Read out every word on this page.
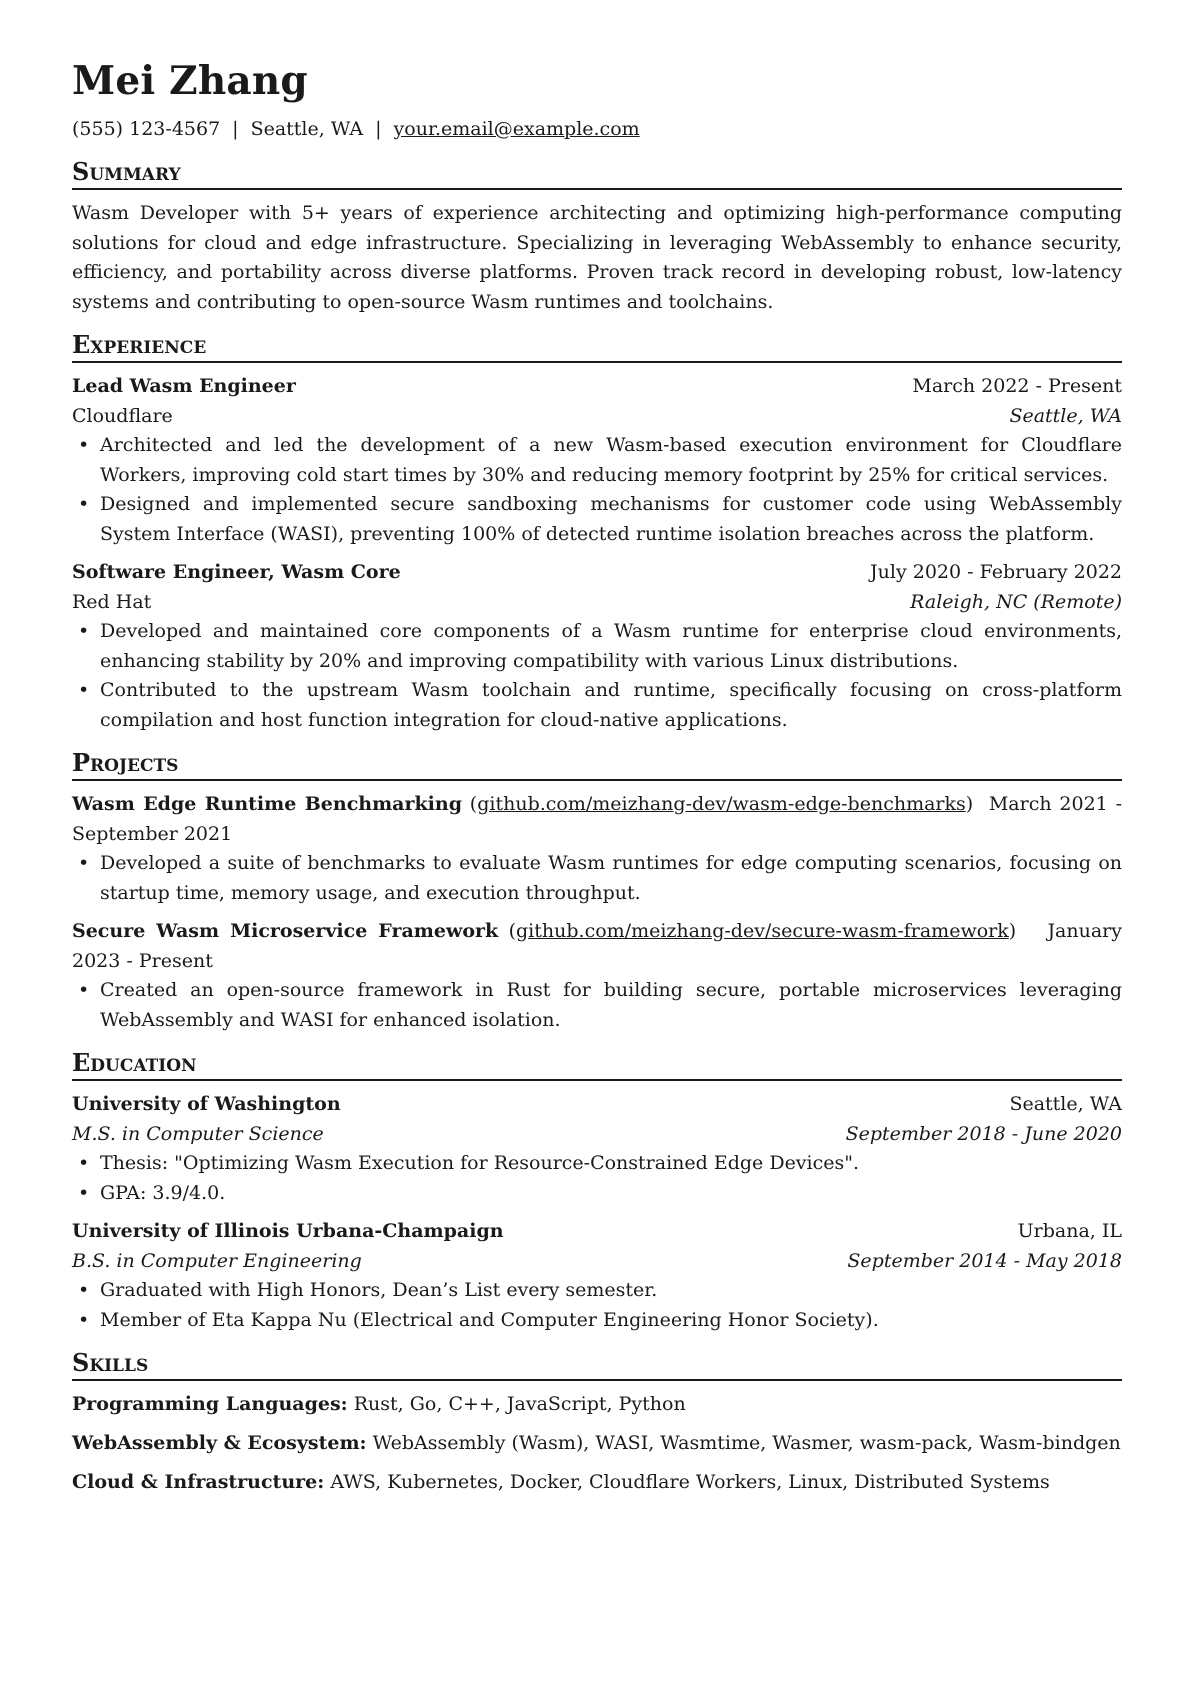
Mei Zhang
(555) 123-4567 | Seattle, WA | your.email@example.com
Summary
Wasm Developer with 5+ years of experience architecting and optimizing high-performance computing solutions for cloud and edge infrastructure. Specializing in leveraging WebAssembly to enhance security, efficiency, and portability across diverse platforms. Proven track record in developing robust, low-latency systems and contributing to open-source Wasm runtimes and toolchains.
Experience
Lead Wasm Engineer	March 2022 - Present
Cloudflare	Seattle, WA
• Architected and led the development of a new Wasm-based execution environment for Cloudflare Workers, improving cold start times by 30% and reducing memory footprint by 25% for critical services.
• Designed and implemented secure sandboxing mechanisms for customer code using WebAssembly System Interface (WASI), preventing 100% of detected runtime isolation breaches across the platform.
Software Engineer, Wasm Core	July 2020 - February 2022
Red Hat	Raleigh, NC (Remote)
• Developed and maintained core components of a Wasm runtime for enterprise cloud environments, enhancing stability by 20% and improving compatibility with various Linux distributions.
• Contributed to the upstream Wasm toolchain and runtime, specifically focusing on cross-platform compilation and host function integration for cloud-native applications.
Projects
Wasm Edge Runtime Benchmarking (github.com/meizhang-dev/wasm-edge-benchmarks)  March 2021 - September 2021
• Developed a suite of benchmarks to evaluate Wasm runtimes for edge computing scenarios, focusing on startup time, memory usage, and execution throughput.
Secure Wasm Microservice Framework (github.com/meizhang-dev/secure-wasm-framework)   January 2023 - Present
• Created an open-source framework in Rust for building secure, portable microservices leveraging WebAssembly and WASI for enhanced isolation.
Education
University of Washington	Seattle, WA
M.S. in Computer Science	September 2018 - June 2020
• Thesis: "Optimizing Wasm Execution for Resource-Constrained Edge Devices".
• GPA: 3.9/4.0.
University of Illinois Urbana-Champaign	Urbana, IL
B.S. in Computer Engineering	September 2014 - May 2018
• Graduated with High Honors, Dean’s List every semester.
• Member of Eta Kappa Nu (Electrical and Computer Engineering Honor Society).
Skills
Programming Languages: Rust, Go, C++, JavaScript, Python
WebAssembly & Ecosystem: WebAssembly (Wasm), WASI, Wasmtime, Wasmer, wasm-pack, Wasm-bindgen
Cloud & Infrastructure: AWS, Kubernetes, Docker, Cloudflare Workers, Linux, Distributed Systems
